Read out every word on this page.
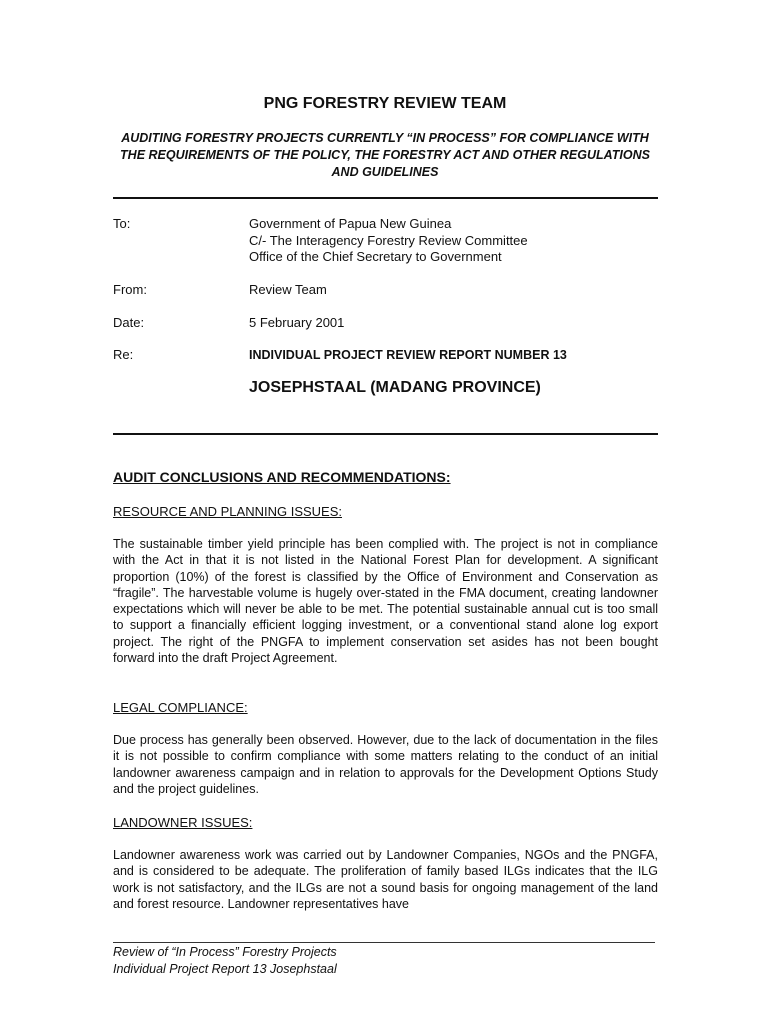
PNG FORESTRY REVIEW TEAM
AUDITING FORESTRY PROJECTS CURRENTLY “IN PROCESS” FOR COMPLIANCE WITH THE REQUIREMENTS OF THE POLICY, THE FORESTRY ACT AND OTHER REGULATIONS AND GUIDELINES
To:	Government of Papua New Guinea
C/- The Interagency Forestry Review Committee
Office of the Chief Secretary to Government
From:	Review Team
Date:	5 February 2001
Re:	INDIVIDUAL PROJECT REVIEW REPORT NUMBER 13
JOSEPHSTAAL (MADANG PROVINCE)
AUDIT CONCLUSIONS AND RECOMMENDATIONS:
RESOURCE AND PLANNING ISSUES:
The sustainable timber yield principle has been complied with. The project is not in compliance with the Act in that it is not listed in the National Forest Plan for development. A significant proportion (10%) of the forest is classified by the Office of Environment and Conservation as “fragile”. The harvestable volume is hugely over-stated in the FMA document, creating landowner expectations which will never be able to be met. The potential sustainable annual cut is too small to support a financially efficient logging investment, or a conventional stand alone log export project. The right of the PNGFA to implement conservation set asides has not been bought forward into the draft Project Agreement.
LEGAL COMPLIANCE:
Due process has generally been observed. However, due to the lack of documentation in the files it is not possible to confirm compliance with some matters relating to the conduct of an initial landowner awareness campaign and in relation to approvals for the Development Options Study and the project guidelines.
LANDOWNER ISSUES:
Landowner awareness work was carried out by Landowner Companies, NGOs and the PNGFA, and is considered to be adequate. The proliferation of family based ILGs indicates that the ILG work is not satisfactory, and the ILGs are not a sound basis for ongoing management of the land and forest resource. Landowner representatives have
Review of “In Process” Forestry Projects
Individual Project Report 13 Josephstaal
